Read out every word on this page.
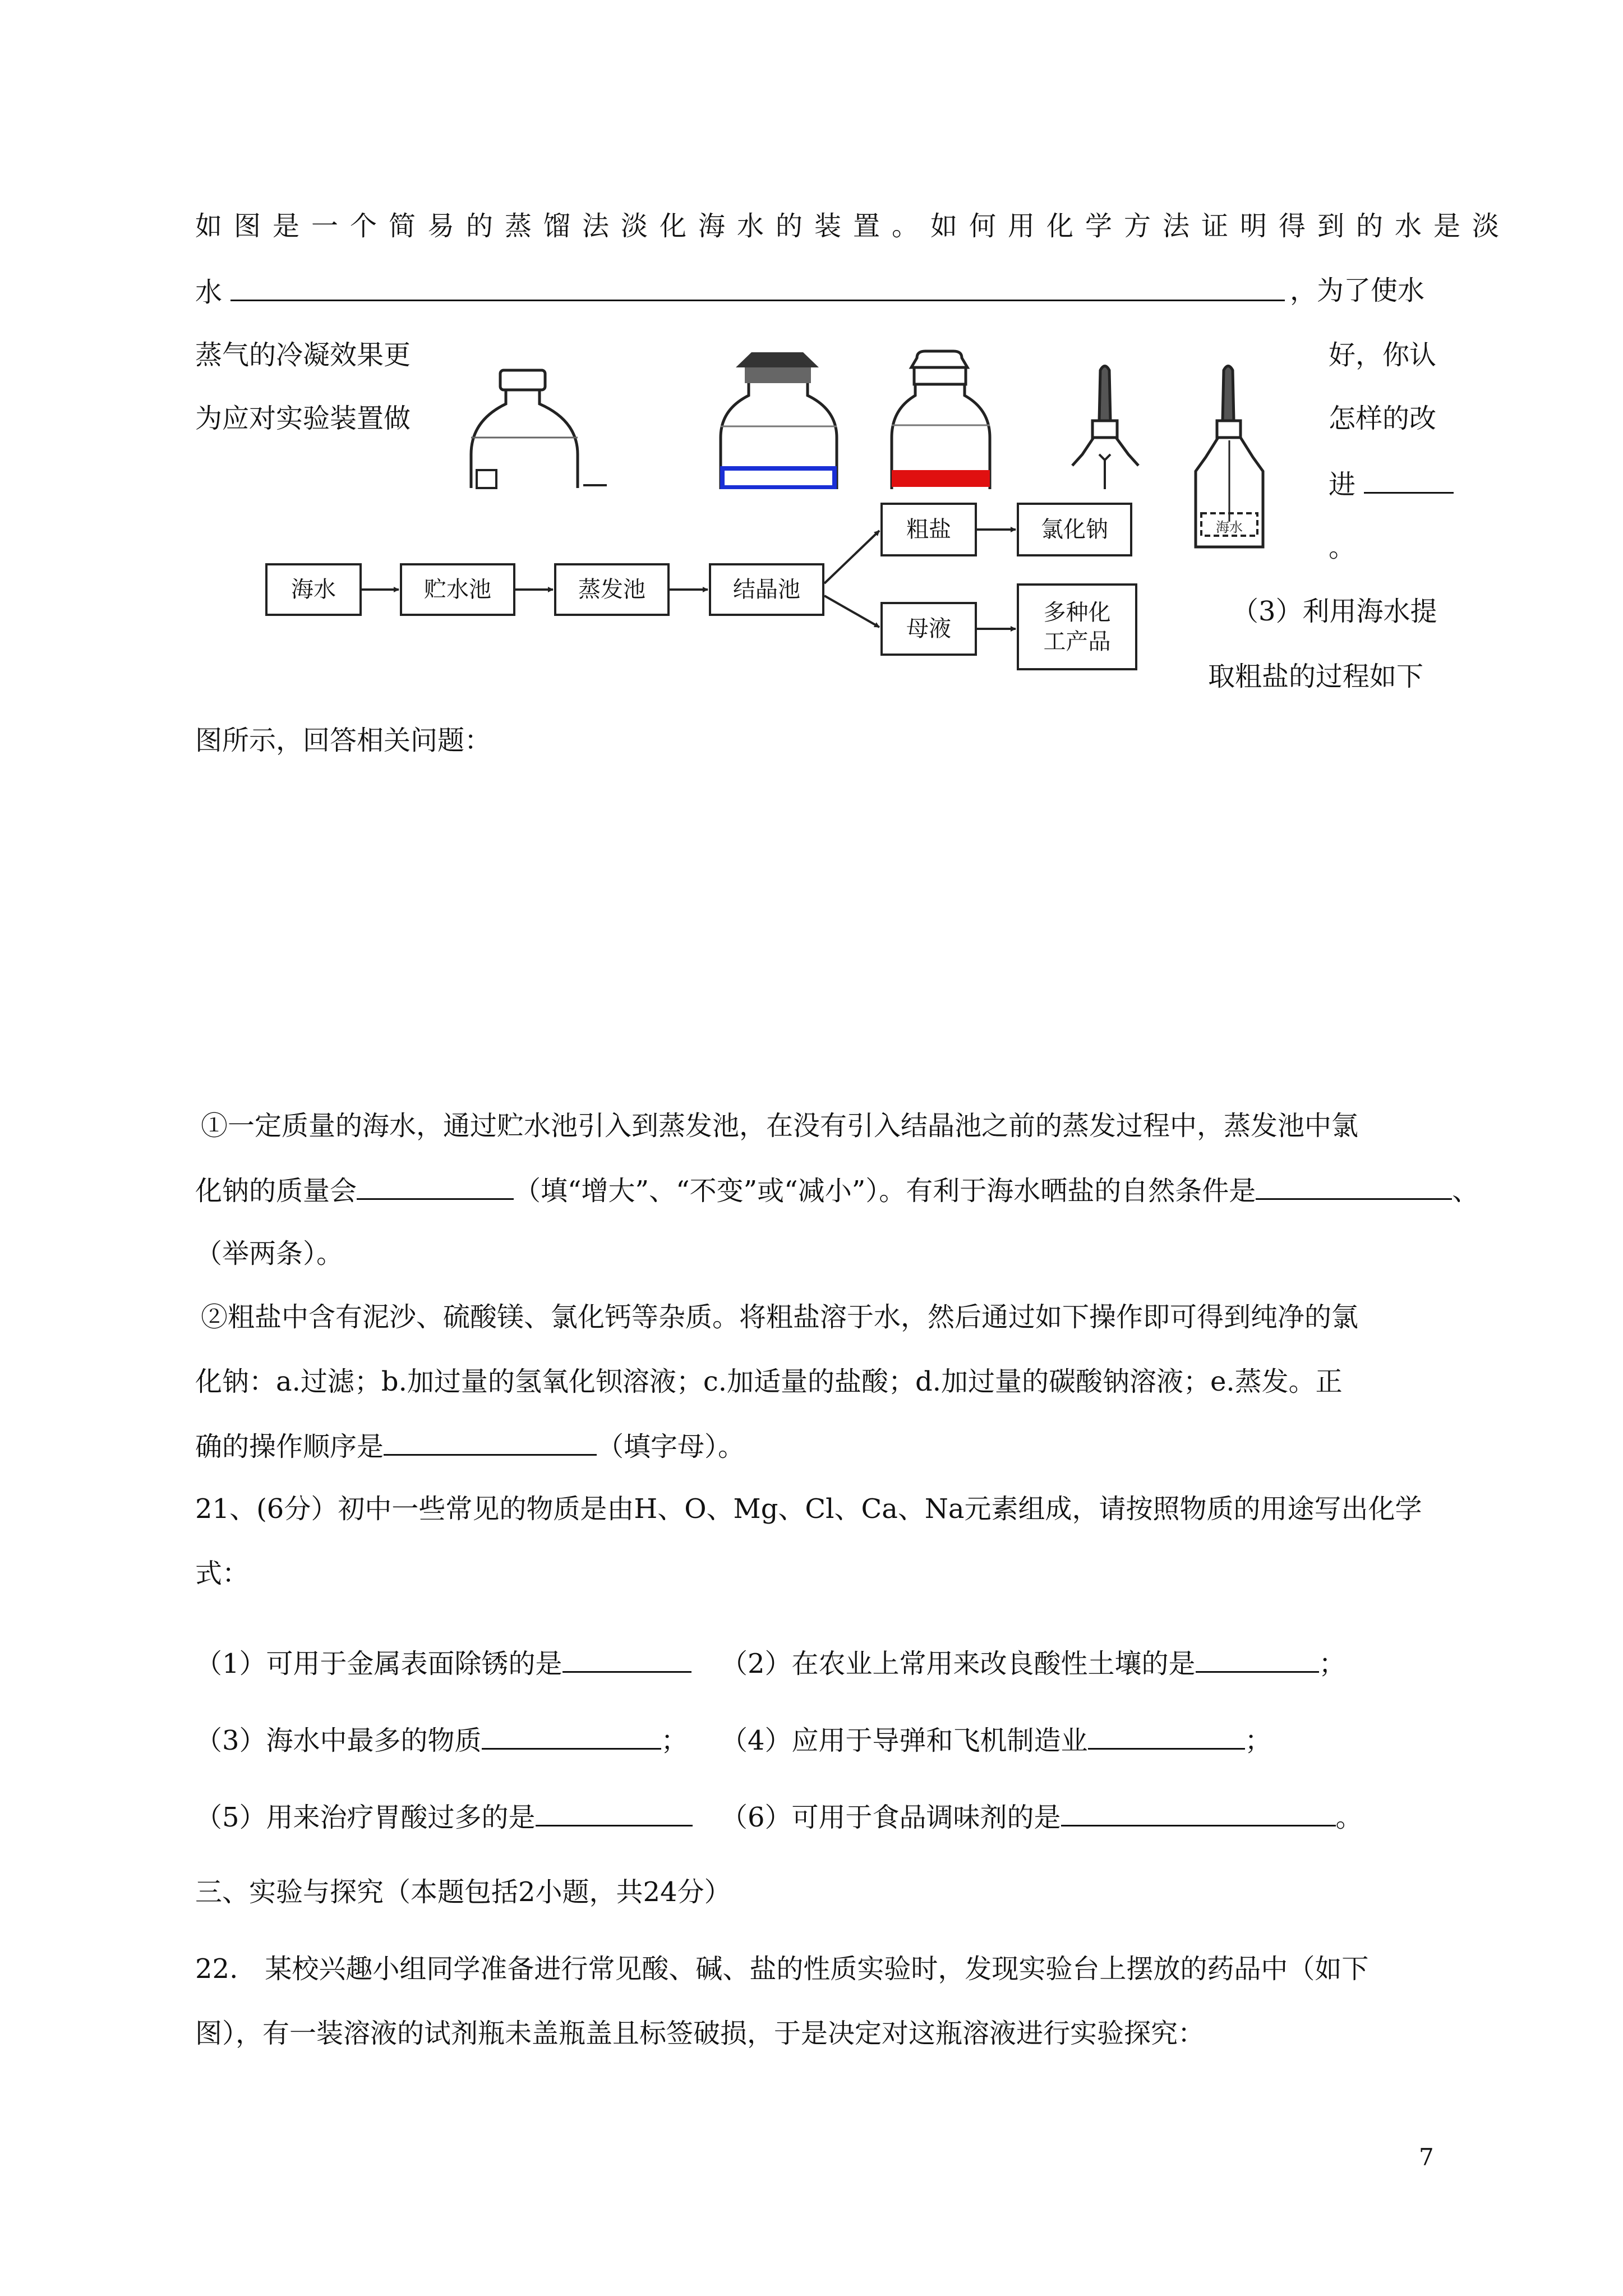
如图是一个简易的蒸馏法淡化海水的装置。如何用化学方法证明得到的水是淡
水	，为了使水
蒸气的冷凝效果更
为应对实验装置做
好，你认
怎样的改
进
。
（3）利用海水提
取粗盐的过程如下
图所示，回答相关问题：
海水
海水	贮水池	蒸发池	结晶池
粗盐	氯化钠
母液
多种化
工产品
①一定质量的海水，通过贮水池引入到蒸发池，在没有引入结晶池之前的蒸发过程中，蒸发池中氯
化钠的质量会	（填“增大”、“不变”或“减小”）。有利于海水晒盐的自然条件是	、
（举两条）。
②粗盐中含有泥沙、硫酸镁、氯化钙等杂质。将粗盐溶于水，然后通过如下操作即可得到纯净的氯
化钠：a.过滤；b.加过量的氢氧化钡溶液；c.加适量的盐酸；d.加过量的碳酸钠溶液；e.蒸发。正
确的操作顺序是	（填字母）。
21、(6分）初中一些常见的物质是由H、O、Mg、Cl、Ca、Na元素组成，请按照物质的用途写出化学
式：
（1）可用于金属表面除锈的是	（2）在农业上常用来改良酸性土壤的是	；
（3）海水中最多的物质	； （4）应用于导弹和飞机制造业	；
（5）用来治疗胃酸过多的是	（6）可用于食品调味剂的是	。
三、实验与探究（本题包括2小题，共24分）
22.　某校兴趣小组同学准备进行常见酸、碱、盐的性质实验时，发现实验台上摆放的药品中（如下
图），有一装溶液的试剂瓶未盖瓶盖且标签破损，于是决定对这瓶溶液进行实验探究：
7
